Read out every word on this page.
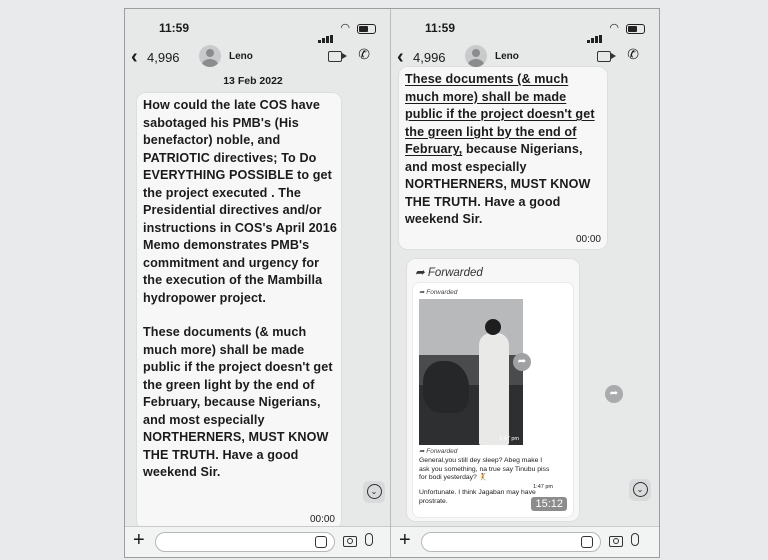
11:59	◠
‹ 4,996	Leno	✆
13 Feb 2022

How could the late COS have sabotaged his PMB's (His benefactor) noble, and PATRIOTIC directives; To Do EVERYTHING POSSIBLE to get the project executed . The Presidential directives and/or instructions in COS's April 2016 Memo demonstrates PMB's commitment and urgency for the execution of the Mambilla hydropower project.

These documents (& much much more) shall be made public if the project doesn't get the green light by the end of February, because Nigerians, and most especially NORTHERNERS, MUST KNOW THE TRUTH. Have a good weekend Sir.

00:00
⌄
+
11:59	◠
‹ 4,996	Leno	✆
These documents (& much much more) shall be made public if the project doesn't get the green light by the end of February, because Nigerians, and most especially NORTHERNERS, MUST KNOW THE TRUTH. Have a good weekend Sir.
00:00
➦ Forwarded
➦ Forwarded
1:47 pm
➦ Forwarded
General,you still dey sleep? Abeg make I ask you something, na true say Tinubu piss for bodi yesterday? 🤾
1:47 pm
Unfortunate. I think Jagaban may have prostrate.	15:12
➦
➦
⌄
+
